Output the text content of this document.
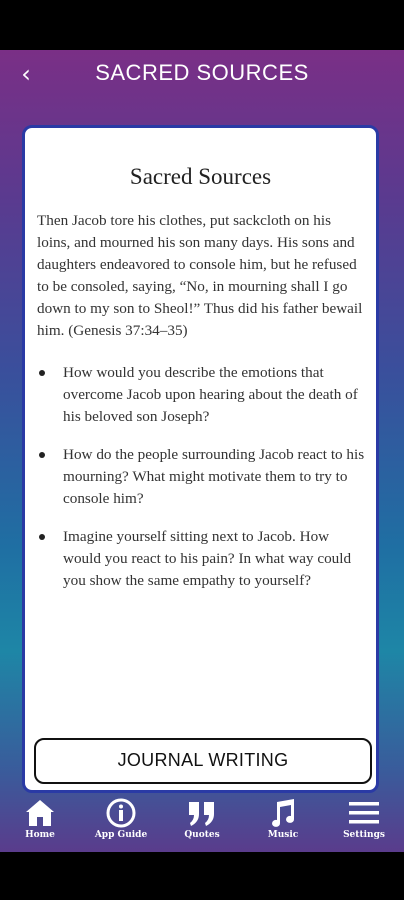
‹	SACRED SOURCES
Sacred Sources
Then Jacob tore his clothes, put sackcloth on his loins, and mourned his son many days. His sons and daughters endeavored to console him, but he refused to be consoled, saying, “No, in mourning shall I go down to my son to Sheol!” Thus did his father bewail him. (Genesis 37:34–35)
How would you describe the emotions that overcome Jacob upon hearing about the death of his beloved son Joseph?
How do the people surrounding Jacob react to his mourning? What might motivate them to try to console him?
Imagine yourself sitting next to Jacob. How would you react to his pain? In what way could you show the same empathy to yourself?
JOURNAL WRITING
Home	App Guide	Quotes	Music	Settings
